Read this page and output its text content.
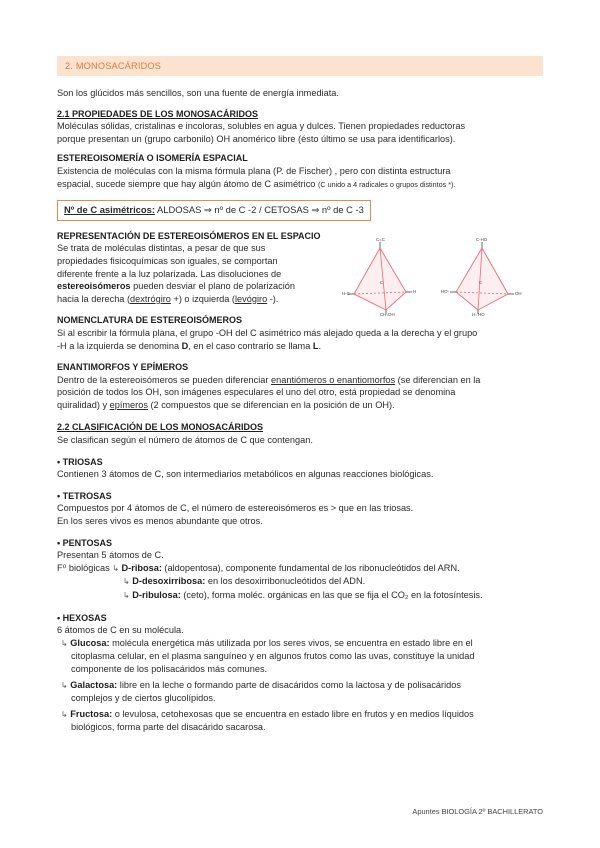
2. MONOSACÁRIDOS

Son los glúcidos más sencillos, son una fuente de energía inmediata.

2.1 PROPIEDADES DE LOS MONOSACÁRIDOS

Moléculas sólidas, cristalinas e incoloras, solubles en agua y dulces. Tienen propiedades reductoras

porque presentan un (grupo carbonilo) OH anomérico libre (ésto último se usa para identificarlos).

ESTEREOISOMERÍA O ISOMERÍA ESPACIAL

Existencia de moléculas con la misma fórmula plana (P. de Fischer) , pero con distinta estructura

espacial, sucede siempre que hay algún átomo de C asimétrico (C unido a 4 radicales o grupos distintos *).

Nº de C asimétricos: ALDOSAS ⇒ nº de C -2 / CETOSAS ⇒ nº de C -3

REPRESENTACIÓN DE ESTEREOISÓMEROS EN EL ESPACIO

Se trata de moléculas distintas, a pesar de que sus

propiedades fisicoquímicas son iguales, se comportan

diferente frente a la luz polarizada. Las disoluciones de

estereoisómeros pueden desviar el plano de polarización

hacia la derecha (dextrógiro +) o izquierda (levógiro -).

C=C	C-HO
H-C	H	HO-	OH
CH₂OH	H₂ HO
C	C

NOMENCLATURA DE ESTEREOISÓMEROS

Si al escribir la fórmula plana, el grupo -OH del C asimétrico más alejado queda a la derecha y el grupo

-H a la izquierda se denomina D, en el caso contrario se llama L.

ENANTIMORFOS Y EPÍMEROS

Dentro de la estereoisómeros se pueden diferenciar enantiómeros o enantiomorfos (se diferencian en la

posición de todos los OH, son imágenes especulares el uno del otro, está propiedad se denomina

quiralidad) y epímeros (2 compuestos que se diferencian en la posición de un OH).

2.2 CLASIFICACIÓN DE LOS MONOSACÁRIDOS

Se clasifican según el número de átomos de C que contengan.

• TRIOSAS

Contienen 3 átomos de C, son intermediarios metabólicos en algunas reacciones biológicas.

• TETROSAS

Compuestos por 4 átomos de C, el número de estereoisómeros es > que en las triosas.

En los seres vivos es menos abundante que otros.

• PENTOSAS

Presentan 5 átomos de C.

F⁰ biológicas ↳ D-ribosa: (aldopentosa), componente fundamental de los ribonucleótidos del ARN.

↳ D-desoxirribosa: en los desoxirribonucleótidos del ADN.

↳ D-ribulosa: (ceto), forma moléc. orgánicas en las que se fija el CO₂ en la fotosíntesis.

• HEXOSAS

6 átomos de C en su molécula.

↳ Glucosa: molécula energética más utilizada por los seres vivos, se encuentra en estado libre en el

citoplasma celular, en el plasma sanguíneo y en algunos frutos como las uvas, constituye la unidad

componente de los polisacáridos más comunes.

↳ Galactosa: libre en la leche o formando parte de disacáridos como la lactosa y de polisacáridos

complejos y de ciertos glucolípidos.

↳ Fructosa: o levulosa, cetohexosas que se encuentra en estado libre en frutos y en medios líquidos

biológicos, forma parte del disacárido sacarosa.

Apuntes BIOLOGÍA 2º BACHILLERATO
